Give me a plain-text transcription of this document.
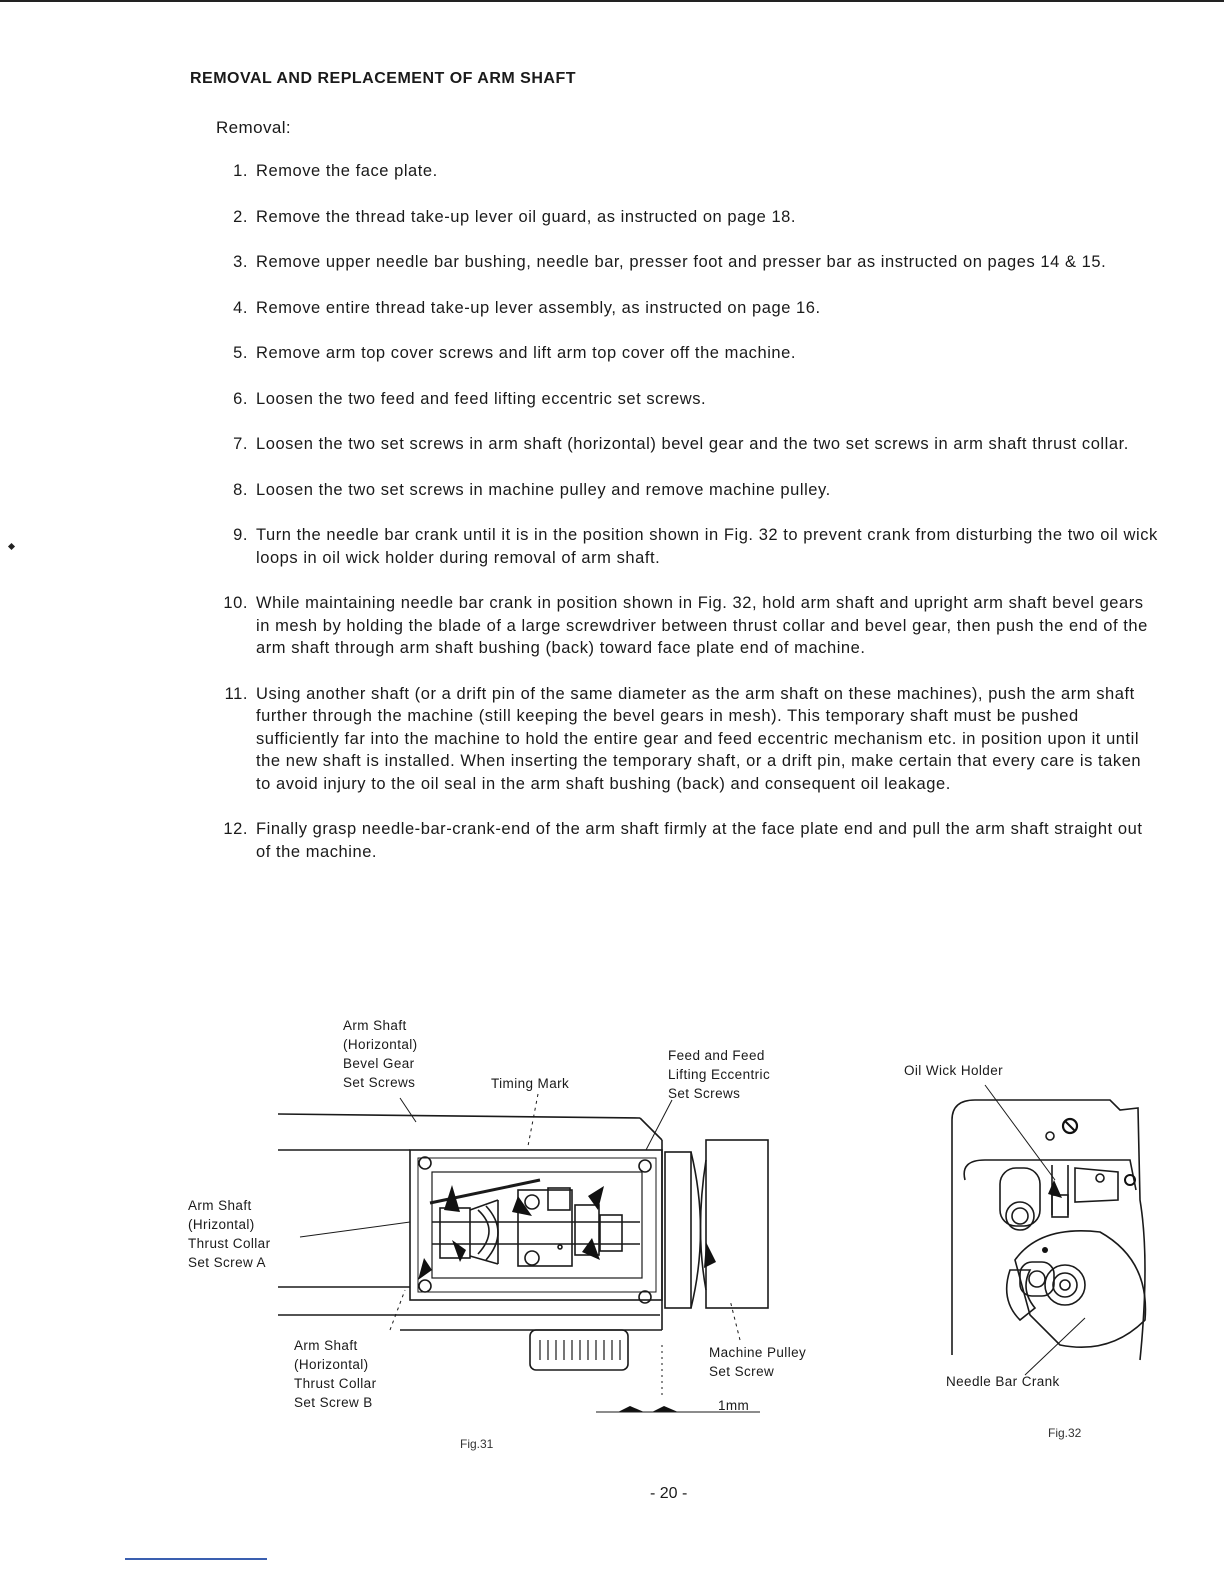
REMOVAL AND REPLACEMENT OF ARM SHAFT
Removal:
1. Remove the face plate.
2. Remove the thread take-up lever oil guard, as instructed on page 18.
3. Remove upper needle bar bushing, needle bar, presser foot and presser bar as instructed on pages 14 & 15.
4. Remove entire thread take-up lever assembly, as instructed on page 16.
5. Remove arm top cover screws and lift arm top cover off the machine.
6. Loosen the two feed and feed lifting eccentric set screws.
7. Loosen the two set screws in arm shaft (horizontal) bevel gear and the two set screws in arm shaft thrust collar.
8. Loosen the two set screws in machine pulley and remove machine pulley.
9. Turn the needle bar crank until it is in the position shown in Fig. 32 to prevent crank from disturbing the two oil wick loops in oil wick holder during removal of arm shaft.
10. While maintaining needle bar crank in position shown in Fig. 32, hold arm shaft and upright arm shaft bevel gears in mesh by holding the blade of a large screwdriver between thrust collar and bevel gear, then push the end of the arm shaft through arm shaft bushing (back) toward face plate end of machine.
11. Using another shaft (or a drift pin of the same diameter as the arm shaft on these machines), push the arm shaft further through the machine (still keeping the bevel gears in mesh). This temporary shaft must be pushed sufficiently far into the machine to hold the entire gear and feed eccentric mechanism etc. in position upon it until the new shaft is installed. When inserting the temporary shaft, or a drift pin, make certain that every care is taken to avoid injury to the oil seal in the arm shaft bushing (back) and consequent oil leakage.
12. Finally grasp needle-bar-crank-end of the arm shaft firmly at the face plate end and pull the arm shaft straight out of the machine.
Arm Shaft (Horizontal) Bevel Gear Set Screws	Timing Mark
Feed and Feed Lifting Eccentric Set Screws
Arm Shaft (Hrizontal) Thrust Collar Set Screw A
Arm Shaft (Horizontal) Thrust Collar Set Screw B
Machine Pulley Set Screw
1mm
Fig.31
Oil Wick Holder
Needle Bar Crank
Fig.32
- 20 -
